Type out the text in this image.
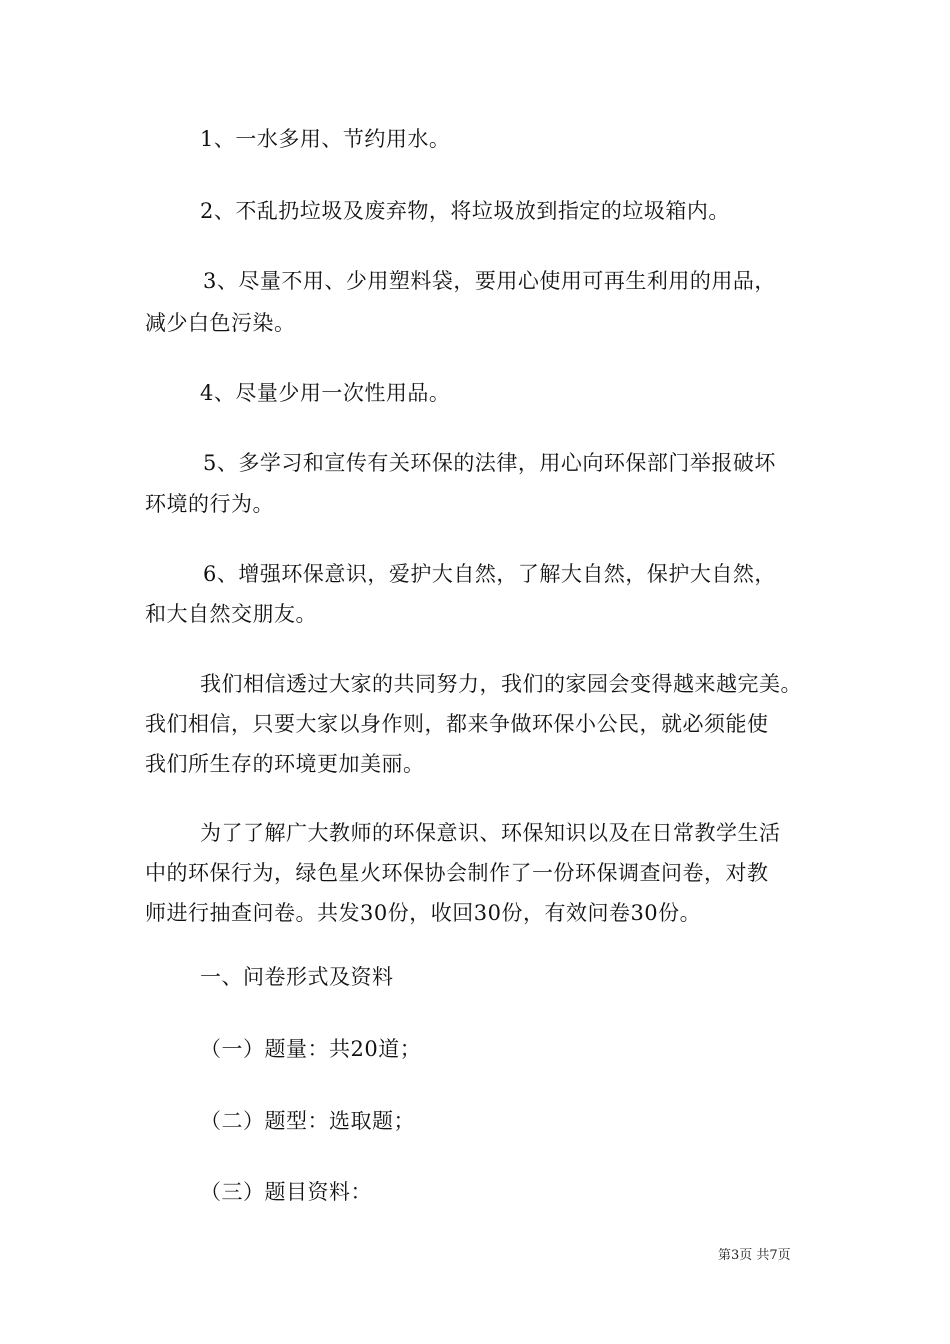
1、一水多用、节约用水。
2、不乱扔垃圾及废弃物，将垃圾放到指定的垃圾箱内。
3、尽量不用、少用塑料袋，要用心使用可再生利用的用品，
减少白色污染。
4、尽量少用一次性用品。
5、多学习和宣传有关环保的法律，用心向环保部门举报破坏
环境的行为。
6、增强环保意识，爱护大自然，了解大自然，保护大自然，
和大自然交朋友。
我们相信透过大家的共同努力，我们的家园会变得越来越完美。
我们相信，只要大家以身作则，都来争做环保小公民，就必须能使
我们所生存的环境更加美丽。
为了了解广大教师的环保意识、环保知识以及在日常教学生活
中的环保行为，绿色星火环保协会制作了一份环保调查问卷，对教
师进行抽查问卷。共发30份，收回30份，有效问卷30份。
一、问卷形式及资料
（一）题量：共20道；
（二）题型：选取题；
（三）题目资料：
第3页 共7页
